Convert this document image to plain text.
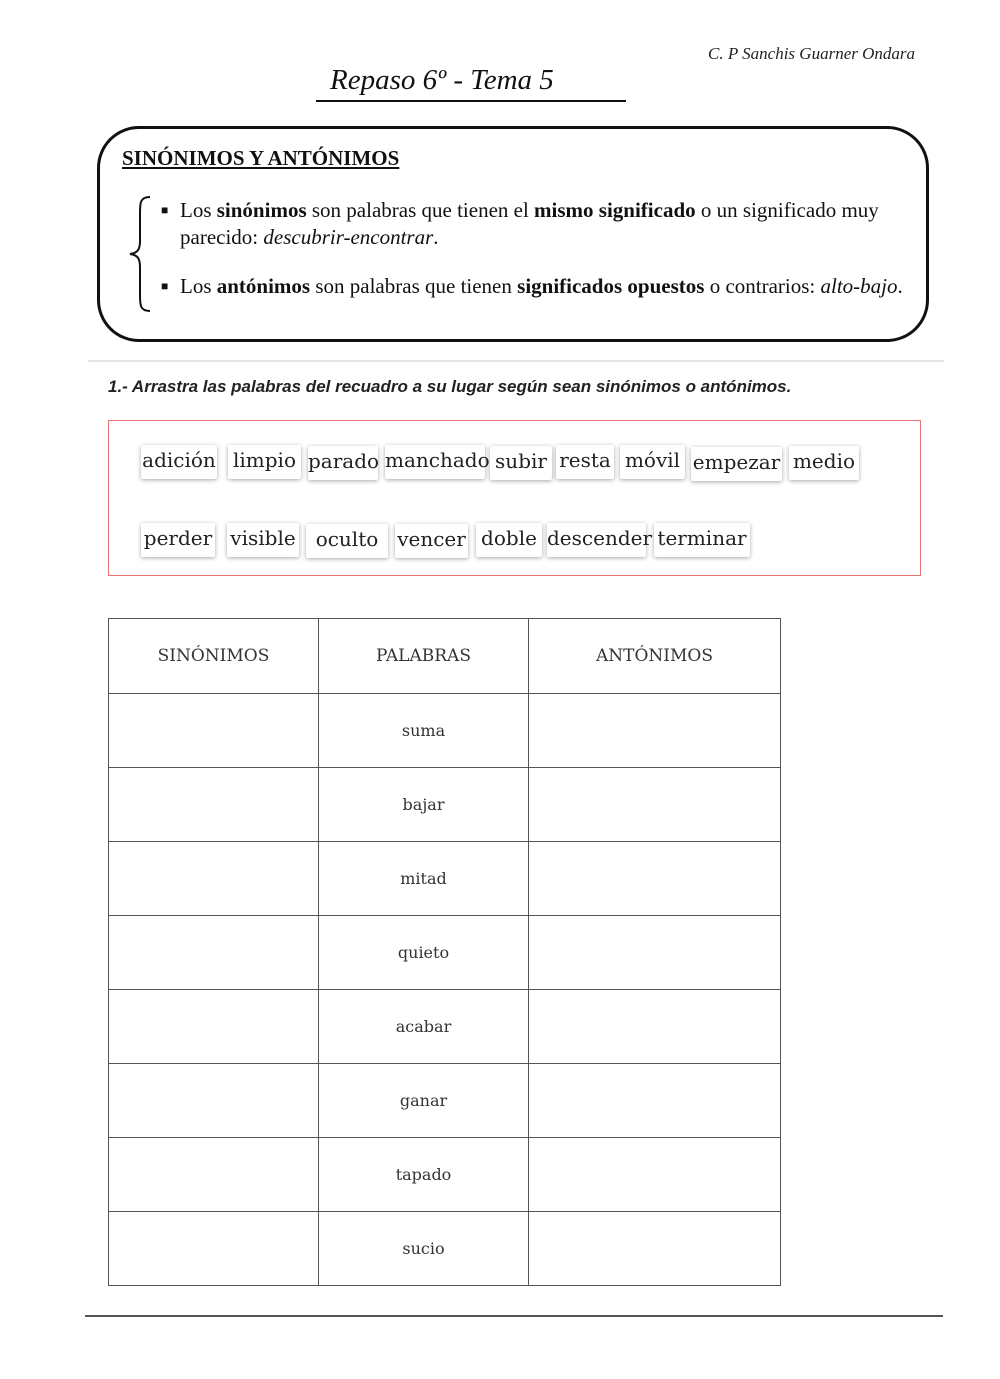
C. P Sanchis Guarner Ondara
Repaso 6º - Tema 5
SINÓNIMOS Y ANTÓNIMOS
■ Los sinónimos son palabras que tienen el mismo significado o un significado muy parecido: descubrir-encontrar.
■ Los antónimos son palabras que tienen significados opuestos o contrarios: alto-bajo.
1.- Arrastra las palabras del recuadro a su lugar según sean sinónimos o antónimos.
adición limpio parado manchado subir resta móvil empezar medio
perder visible	oculto vencer doble descender terminar
SINÓNIMOS	PALABRAS	ANTÓNIMOS
	suma	
	bajar	
	mitad	
	quieto	
	acabar	
	ganar	
	tapado	
	sucio	
